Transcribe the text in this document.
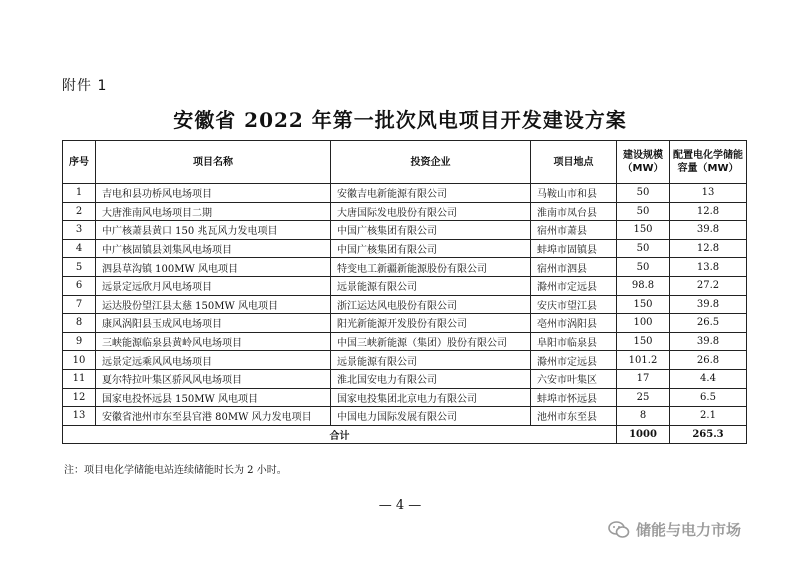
附件 1
安徽省 2022 年第一批次风电项目开发建设方案
序号	项目名称	投资企业	项目地点	建设规模（MW）	配置电化学储能容量（MW）
1	吉电和县功桥风电场项目	安徽吉电新能源有限公司	马鞍山市和县	50	13
2	大唐淮南风电场项目二期	大唐国际发电股份有限公司	淮南市凤台县	50	12.8
3	中广核萧县黄口 150 兆瓦风力发电项目	中国广核集团有限公司	宿州市萧县	150	39.8
4	中广核固镇县刘集风电场项目	中国广核集团有限公司	蚌埠市固镇县	50	12.8
5	泗县草沟镇 100MW 风电项目	特变电工新疆新能源股份有限公司	宿州市泗县	50	13.8
6	远景定远欣月风电场项目	远景能源有限公司	滁州市定远县	98.8	27.2
7	运达股份望江县太慈 150MW 风电项目	浙江运达风电股份有限公司	安庆市望江县	150	39.8
8	康风涡阳县玉成风电场项目	阳光新能源开发股份有限公司	亳州市涡阳县	100	26.5
9	三峡能源临泉县黄岭风电场项目	中国三峡新能源（集团）股份有限公司	阜阳市临泉县	150	39.8
10	远景定远乘风风电场项目	远景能源有限公司	滁州市定远县	101.2	26.8
11	夏尔特拉叶集区骄风风电场项目	淮北国安电力有限公司	六安市叶集区	17	4.4
12	国家电投怀远县 150MW 风电项目	国家电投集团北京电力有限公司	蚌埠市怀远县	25	6.5
13	安徽省池州市东至县官港 80MW 风力发电项目	中国电力国际发展有限公司	池州市东至县	8	2.1
合计				1000	265.3
注：项目电化学储能电站连续储能时长为 2 小时。
— 4 —
储能与电力市场
